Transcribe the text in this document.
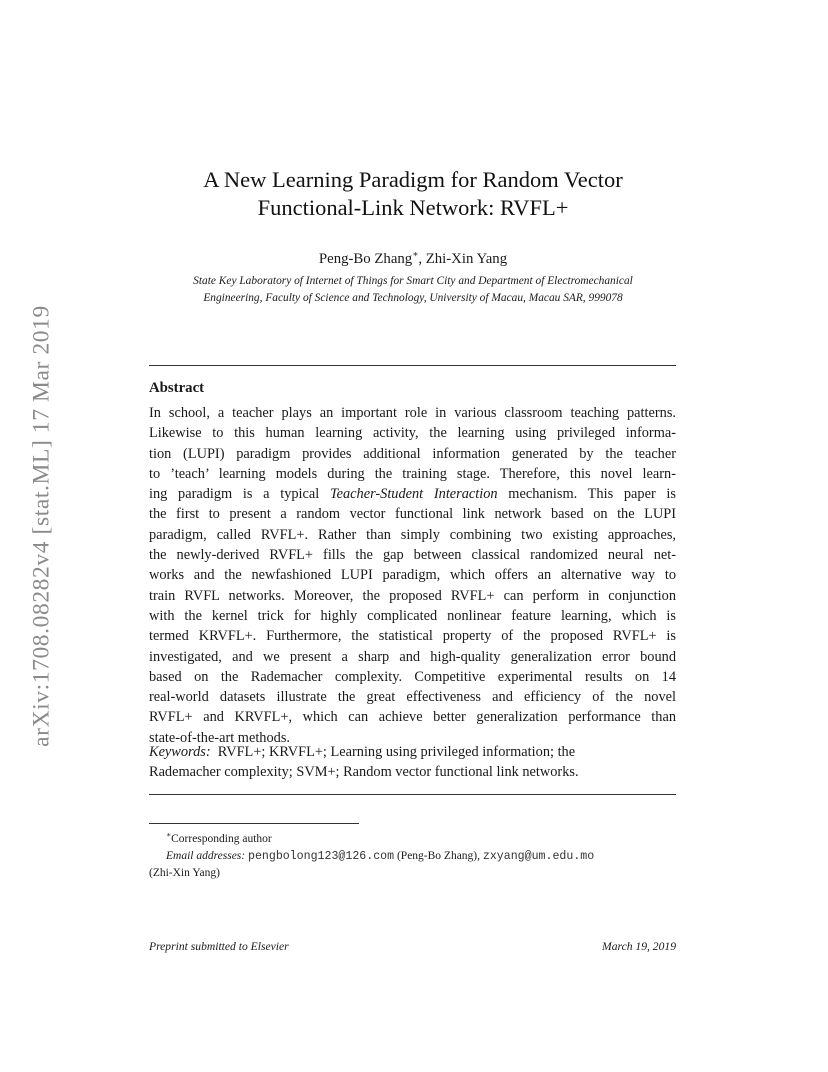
arXiv:1708.08282v4 [stat.ML] 17 Mar 2019
A New Learning Paradigm for Random Vector
Functional-Link Network: RVFL+
Peng-Bo Zhang∗, Zhi-Xin Yang
State Key Laboratory of Internet of Things for Smart City and Department of Electromechanical
Engineering, Faculty of Science and Technology, University of Macau, Macau SAR, 999078
Abstract
In school, a teacher plays an important role in various classroom teaching patterns.
Likewise to this human learning activity, the learning using privileged informa-
tion (LUPI) paradigm provides additional information generated by the teacher
to ’teach’ learning models during the training stage. Therefore, this novel learn-
ing paradigm is a typical Teacher-Student Interaction mechanism. This paper is
the first to present a random vector functional link network based on the LUPI
paradigm, called RVFL+. Rather than simply combining two existing approaches,
the newly-derived RVFL+ fills the gap between classical randomized neural net-
works and the newfashioned LUPI paradigm, which offers an alternative way to
train RVFL networks. Moreover, the proposed RVFL+ can perform in conjunction
with the kernel trick for highly complicated nonlinear feature learning, which is
termed KRVFL+. Furthermore, the statistical property of the proposed RVFL+ is
investigated, and we present a sharp and high-quality generalization error bound
based on the Rademacher complexity. Competitive experimental results on 14
real-world datasets illustrate the great effectiveness and efficiency of the novel
RVFL+ and KRVFL+, which can achieve better generalization performance than
state-of-the-art methods.
Keywords:  RVFL+; KRVFL+; Learning using privileged information; the
Rademacher complexity; SVM+; Random vector functional link networks.
∗Corresponding author
Email addresses: pengbolong123@126.com (Peng-Bo Zhang), zxyang@um.edu.mo
(Zhi-Xin Yang)
Preprint submitted to Elsevier	March 19, 2019
